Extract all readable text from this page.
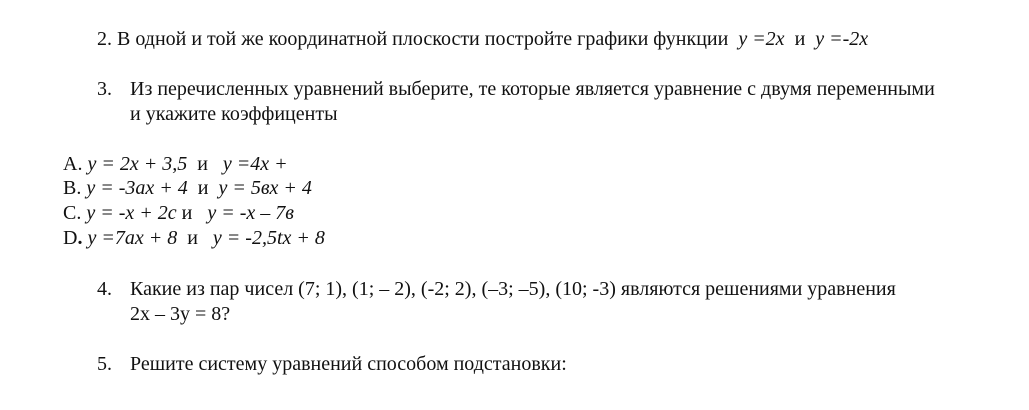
2. В одной и той же координатной плоскости постройте графики функции y =2x и y =-2x
3. Из перечисленных уравнений выберите, те которые является уравнение с двумя переменными
и укажите коэффиценты
A. y = 2x + 3,5 и y =4x +
B. y = -3ax + 4 и y = 5вx + 4
C. y = -x + 2c и y = -x – 7в
D. y =7ax + 8 и y = -2,5tx + 8
4. Какие из пар чисел (7; 1), (1; – 2), (-2; 2), (–3; –5), (10; -3) являются решениями уравнения
2x – 3y = 8?
5. Решите систему уравнений способом подстановки:
